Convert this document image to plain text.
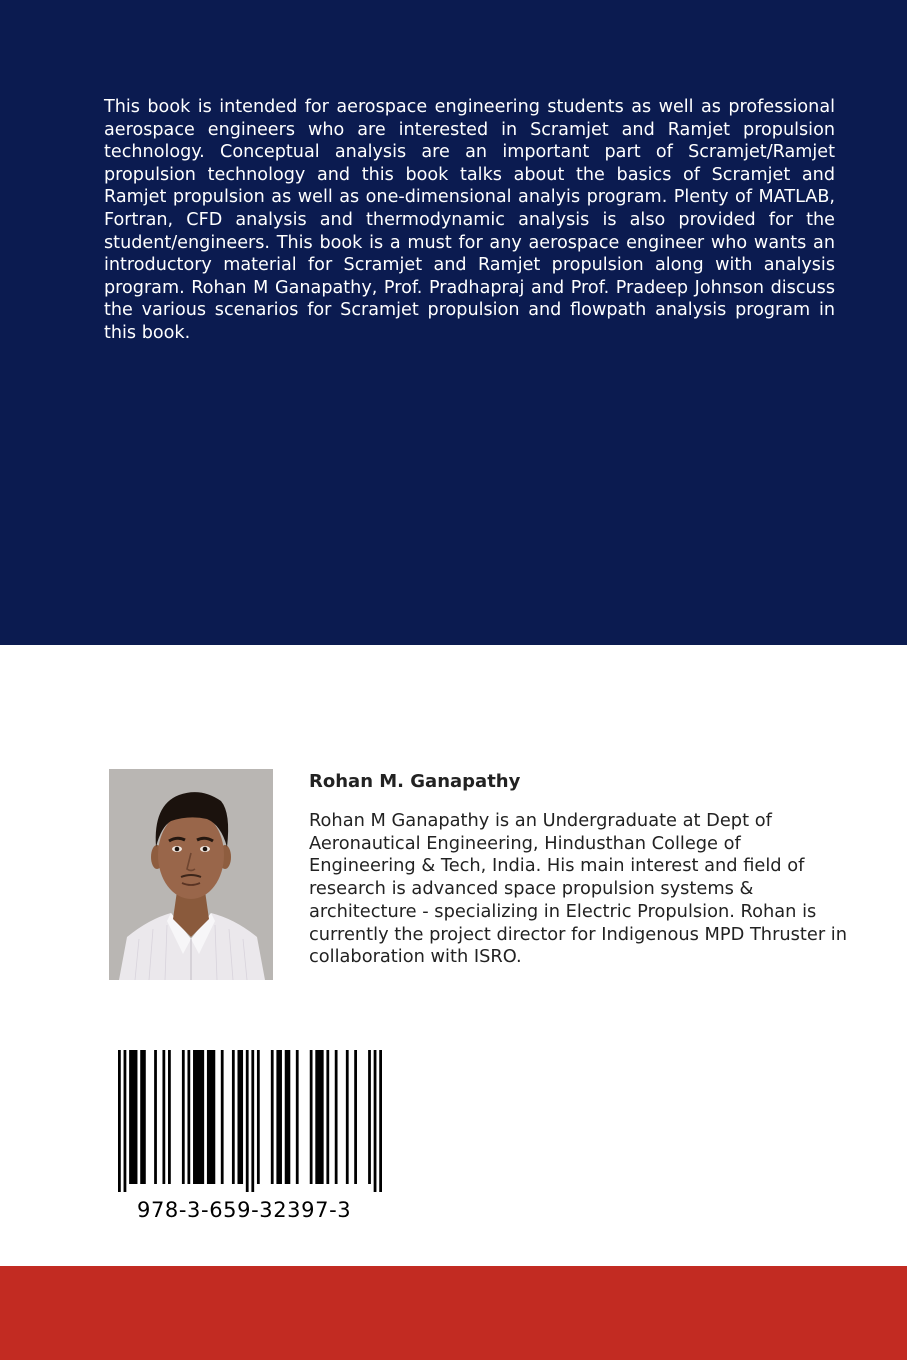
This book is intended for aerospace engineering students as well as professional aerospace engineers who are interested in Scramjet and Ramjet propulsion technology. Conceptual analysis are an important part of Scramjet/Ramjet propulsion technology and this book talks about the basics of Scramjet and Ramjet propulsion as well as one-dimensional analyis program. Plenty of MATLAB, Fortran, CFD analysis and thermodynamic analysis is also provided for the student/engineers. This book is a must for any aerospace engineer who wants an introductory material for Scramjet and Ramjet propulsion along with analysis program. Rohan M Ganapathy, Prof. Pradhapraj and Prof. Pradeep Johnson discuss the various scenarios for Scramjet propulsion and flowpath analysis program in this book.

Rohan M. Ganapathy

Rohan M Ganapathy is an Undergraduate at Dept of Aeronautical Engineering, Hindusthan College of Engineering & Tech, India. His main interest and field of research is advanced space propulsion systems & architecture - specializing in Electric Propulsion. Rohan is currently the project director for Indigenous MPD Thruster in collaboration with ISRO.

978-3-659-32397-3
